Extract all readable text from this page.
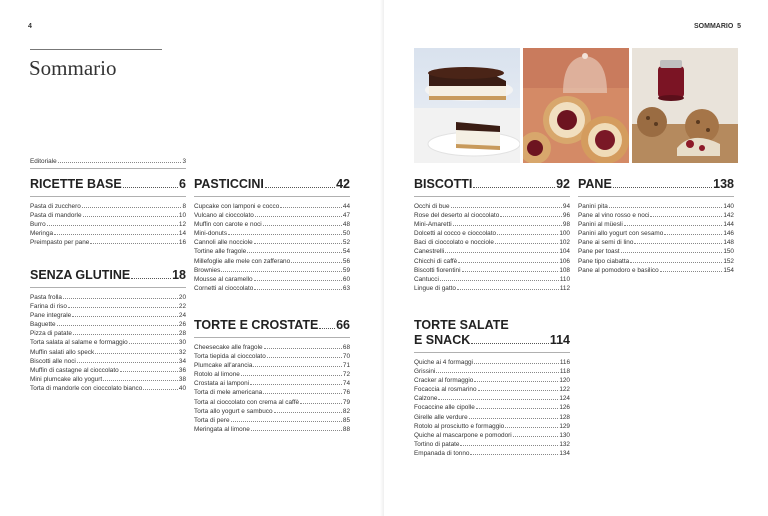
4
Sommario
Editoriale	3
RICETTE BASE	6
Pasta di zucchero	8
Pasta di mandorle	10
Burro	12
Meringa	14
Preimpasto per pane	16
SENZA GLUTINE	18
Pasta frolla	20
Farina di riso	22
Pane integrale	24
Baguette	26
Pizza di patate	28
Torta salata al salame e formaggio	30
Muffin salati allo speck	32
Biscotti alle noci	34
Muffin di castagne al cioccolato	36
Mini plumcake allo yogurt	38
Torta di mandorle con cioccolato bianco	40
PASTICCINI	42
Cupcake con lamponi e cocco	44
Vulcano al cioccolato	47
Muffin con carote e noci	48
Mini-donuts	50
Cannoli alle nocciole	52
Tortine alle fragole	54
Millefoglie alle mele con zafferano	56
Brownies	59
Mousse al caramello	60
Cornetti al cioccolato	63
TORTE E CROSTATE 66
Cheesecake alle fragole	68
Torta tiepida al cioccolato	70
Plumcake all'arancia	71
Rotolo al limone	72
Crostata ai lamponi	74
Torta di mele americana	76
Torta al cioccolato con crema al caffè	79
Torta allo yogurt e sambuco	82
Torta di pere	85
Meringata al limone	88
SOMMARIO 5
BISCOTTI	92
Occhi di bue	94
Rose del deserto al cioccolato	96
Mini-Amaretti	98
Dolcetti al cocco e cioccolato	100
Baci di cioccolato e nocciole	102
Canestrelli	104
Chicchi di caffè	106
Biscotti fiorentini	108
Cantucci	110
Lingue di gatto	112
TORTE SALATE
E SNACK	114
Quiche ai 4 formaggi	116
Grissini	118
Cracker al formaggio	120
Focaccia al rosmarino	122
Calzone	124
Focaccine alle cipolle	126
Girelle alle verdure	128
Rotolo al prosciutto e formaggio	129
Quiche al mascarpone e pomodori	130
Tortino di patate	132
Empanada di tonno	134
PANE	138
Panini pita	140
Pane al vino rosso e noci	142
Panini al müesli	144
Panini allo yogurt con sesamo	146
Pane ai semi di lino	148
Pane per toast	150
Pane tipo ciabatta	152
Pane al pomodoro e basilico	154
